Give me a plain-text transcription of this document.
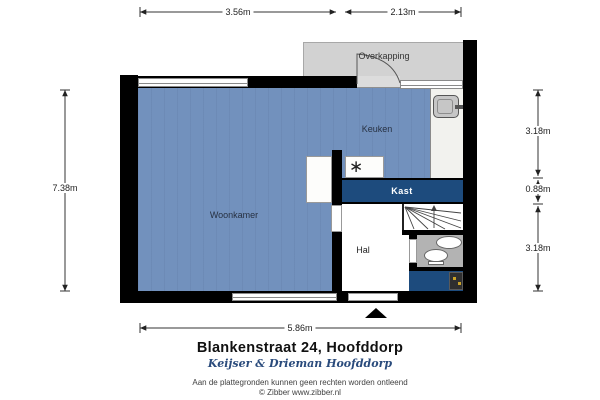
∗
Overkapping
Keuken
Woonkamer
Hal
Kast
3.56m	2.13m
7.38m
3.18m
0.88m
3.18m
5.86m
Blankenstraat 24, Hoofddorp
Keijser & Drieman Hoofddorp
Aan de plattegronden kunnen geen rechten worden ontleend
© Zibber www.zibber.nl
